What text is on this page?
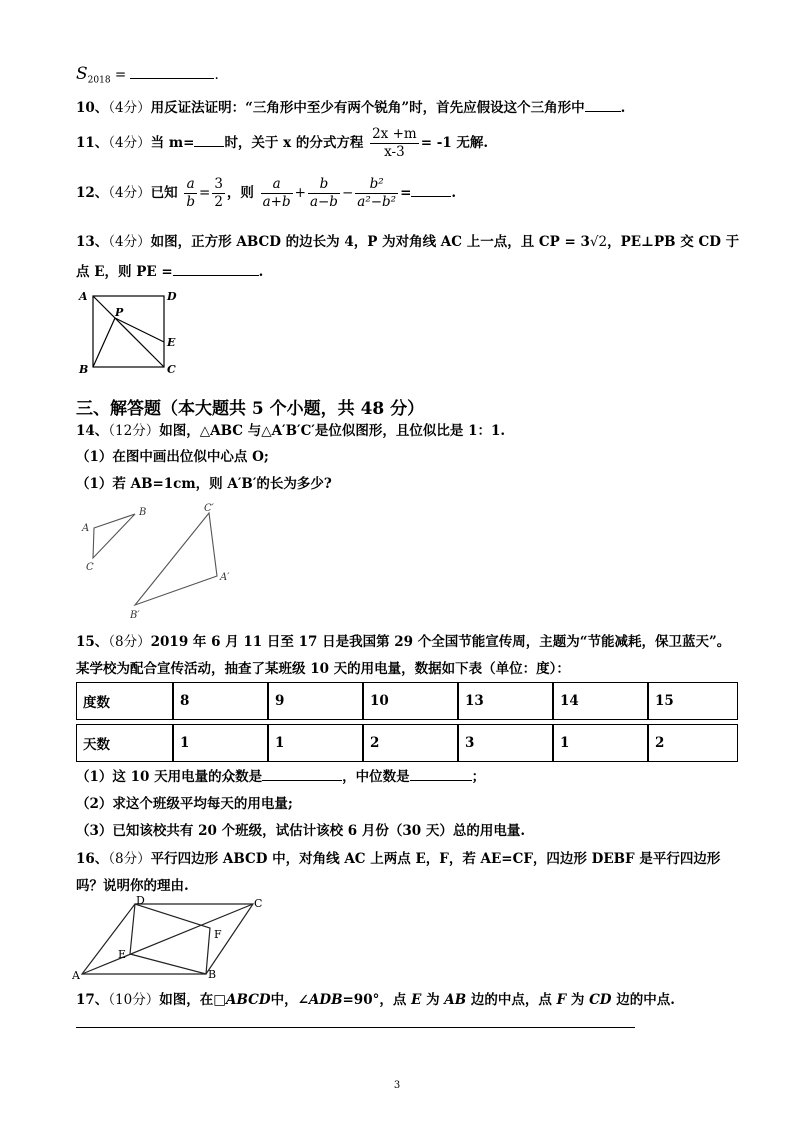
$S_{2018}$ =	.
10、（4分）用反证法证明：“三角形中至少有两个锐角”时，首先应假设这个三角形中	.
11、（4分）当 m= 时，关于 x 的分式方程 $\frac{2x +m}{x-3} = -1$ 无解.
12、（4分）已知 $\frac{a}{b} = \frac{3}{2}$ ，则 $\frac{a}{a+b} + \frac{b}{a-b} - \frac{\text{b²}}{\text{a²−b²}}$ =	.
13、（4分）如图，正方形 ABCD 的边长为 4，P 为对角线 AC 上一点，且 CP = 3√2，PE⊥PB 交 CD 于
点 E，则 PE =	.
A	D
P
E
B	C
三、解答题（本大题共 5 个小题，共 48 分）
14、（12分）如图，△ABC 与△A′B′C′是位似图形，且位似比是 1：1.
（1）在图中画出位似中心点 O;
（1）若 AB=1cm，则 A′B′的长为多少?
A
B
C
C′
A′
B′
15、（8分）2019 年 6 月 11 日至 17 日是我国第 29 个全国节能宣传周，主题为“节能减耗，保卫蓝天”。
某学校为配合宣传活动，抽查了某班级 10 天的用电量，数据如下表（单位：度）：
度数	8	9	10	13	14	15

天数	1	1	2	3	1	2
（1）这 10 天用电量的众数是	，中位数是	；
（2）求这个班级平均每天的用电量;
（3）已知该校共有 20 个班级，试估计该校 6 月份（30 天）总的用电量.
16、（8分）平行四边形 ABCD 中，对角线 AC 上两点 E，F，若 AE=CF，四边形 DEBF 是平行四边形
吗？说明你的理由.
A	B
C
D
E
F
17、（10分）如图，在□ABCD中，∠ADB=90°，点 E 为 AB 边的中点，点 F 为 CD 边的中点.
3
